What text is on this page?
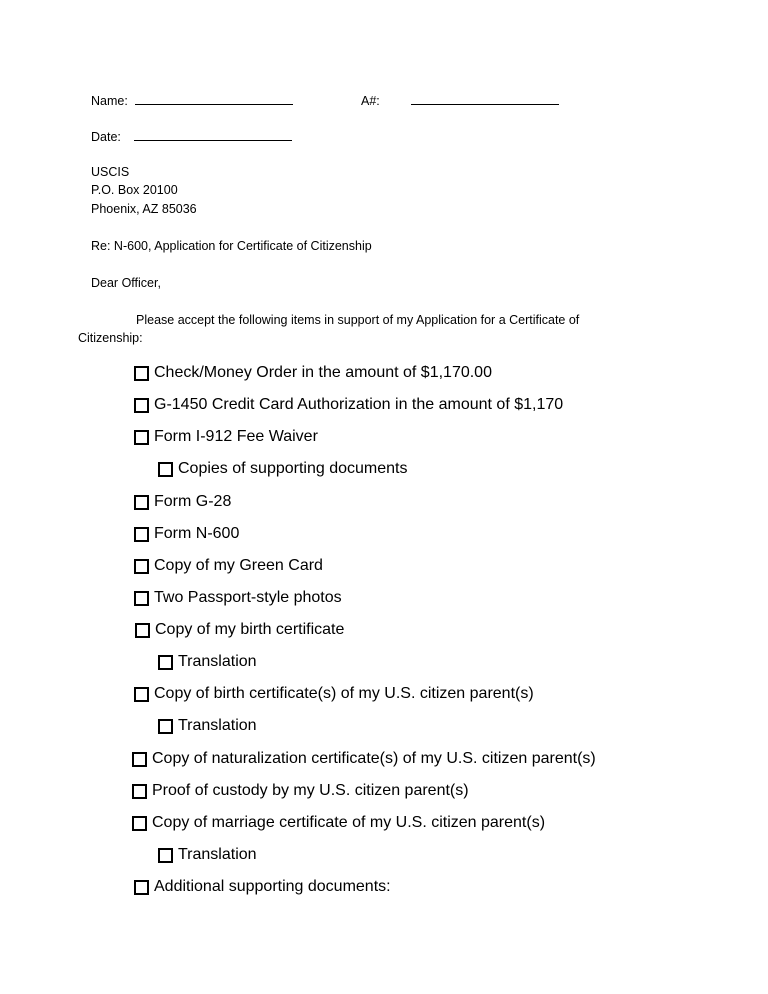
Name:	A#:
Date:
USCIS
P.O. Box 20100
Phoenix, AZ 85036
Re: N-600, Application for Certificate of Citizenship
Dear Officer,
Please accept the following items in support of my Application for a Certificate of
Citizenship:
Check/Money Order in the amount of $1,170.00
G-1450 Credit Card Authorization in the amount of $1,170
Form I-912 Fee Waiver
Copies of supporting documents
Form G-28
Form N-600
Copy of my Green Card
Two Passport-style photos
Copy of my birth certificate
Translation
Copy of birth certificate(s) of my U.S. citizen parent(s)
Translation
Copy of naturalization certificate(s) of my U.S. citizen parent(s)
Proof of custody by my U.S. citizen parent(s)
Copy of marriage certificate of my U.S. citizen parent(s)
Translation
Additional supporting documents:
